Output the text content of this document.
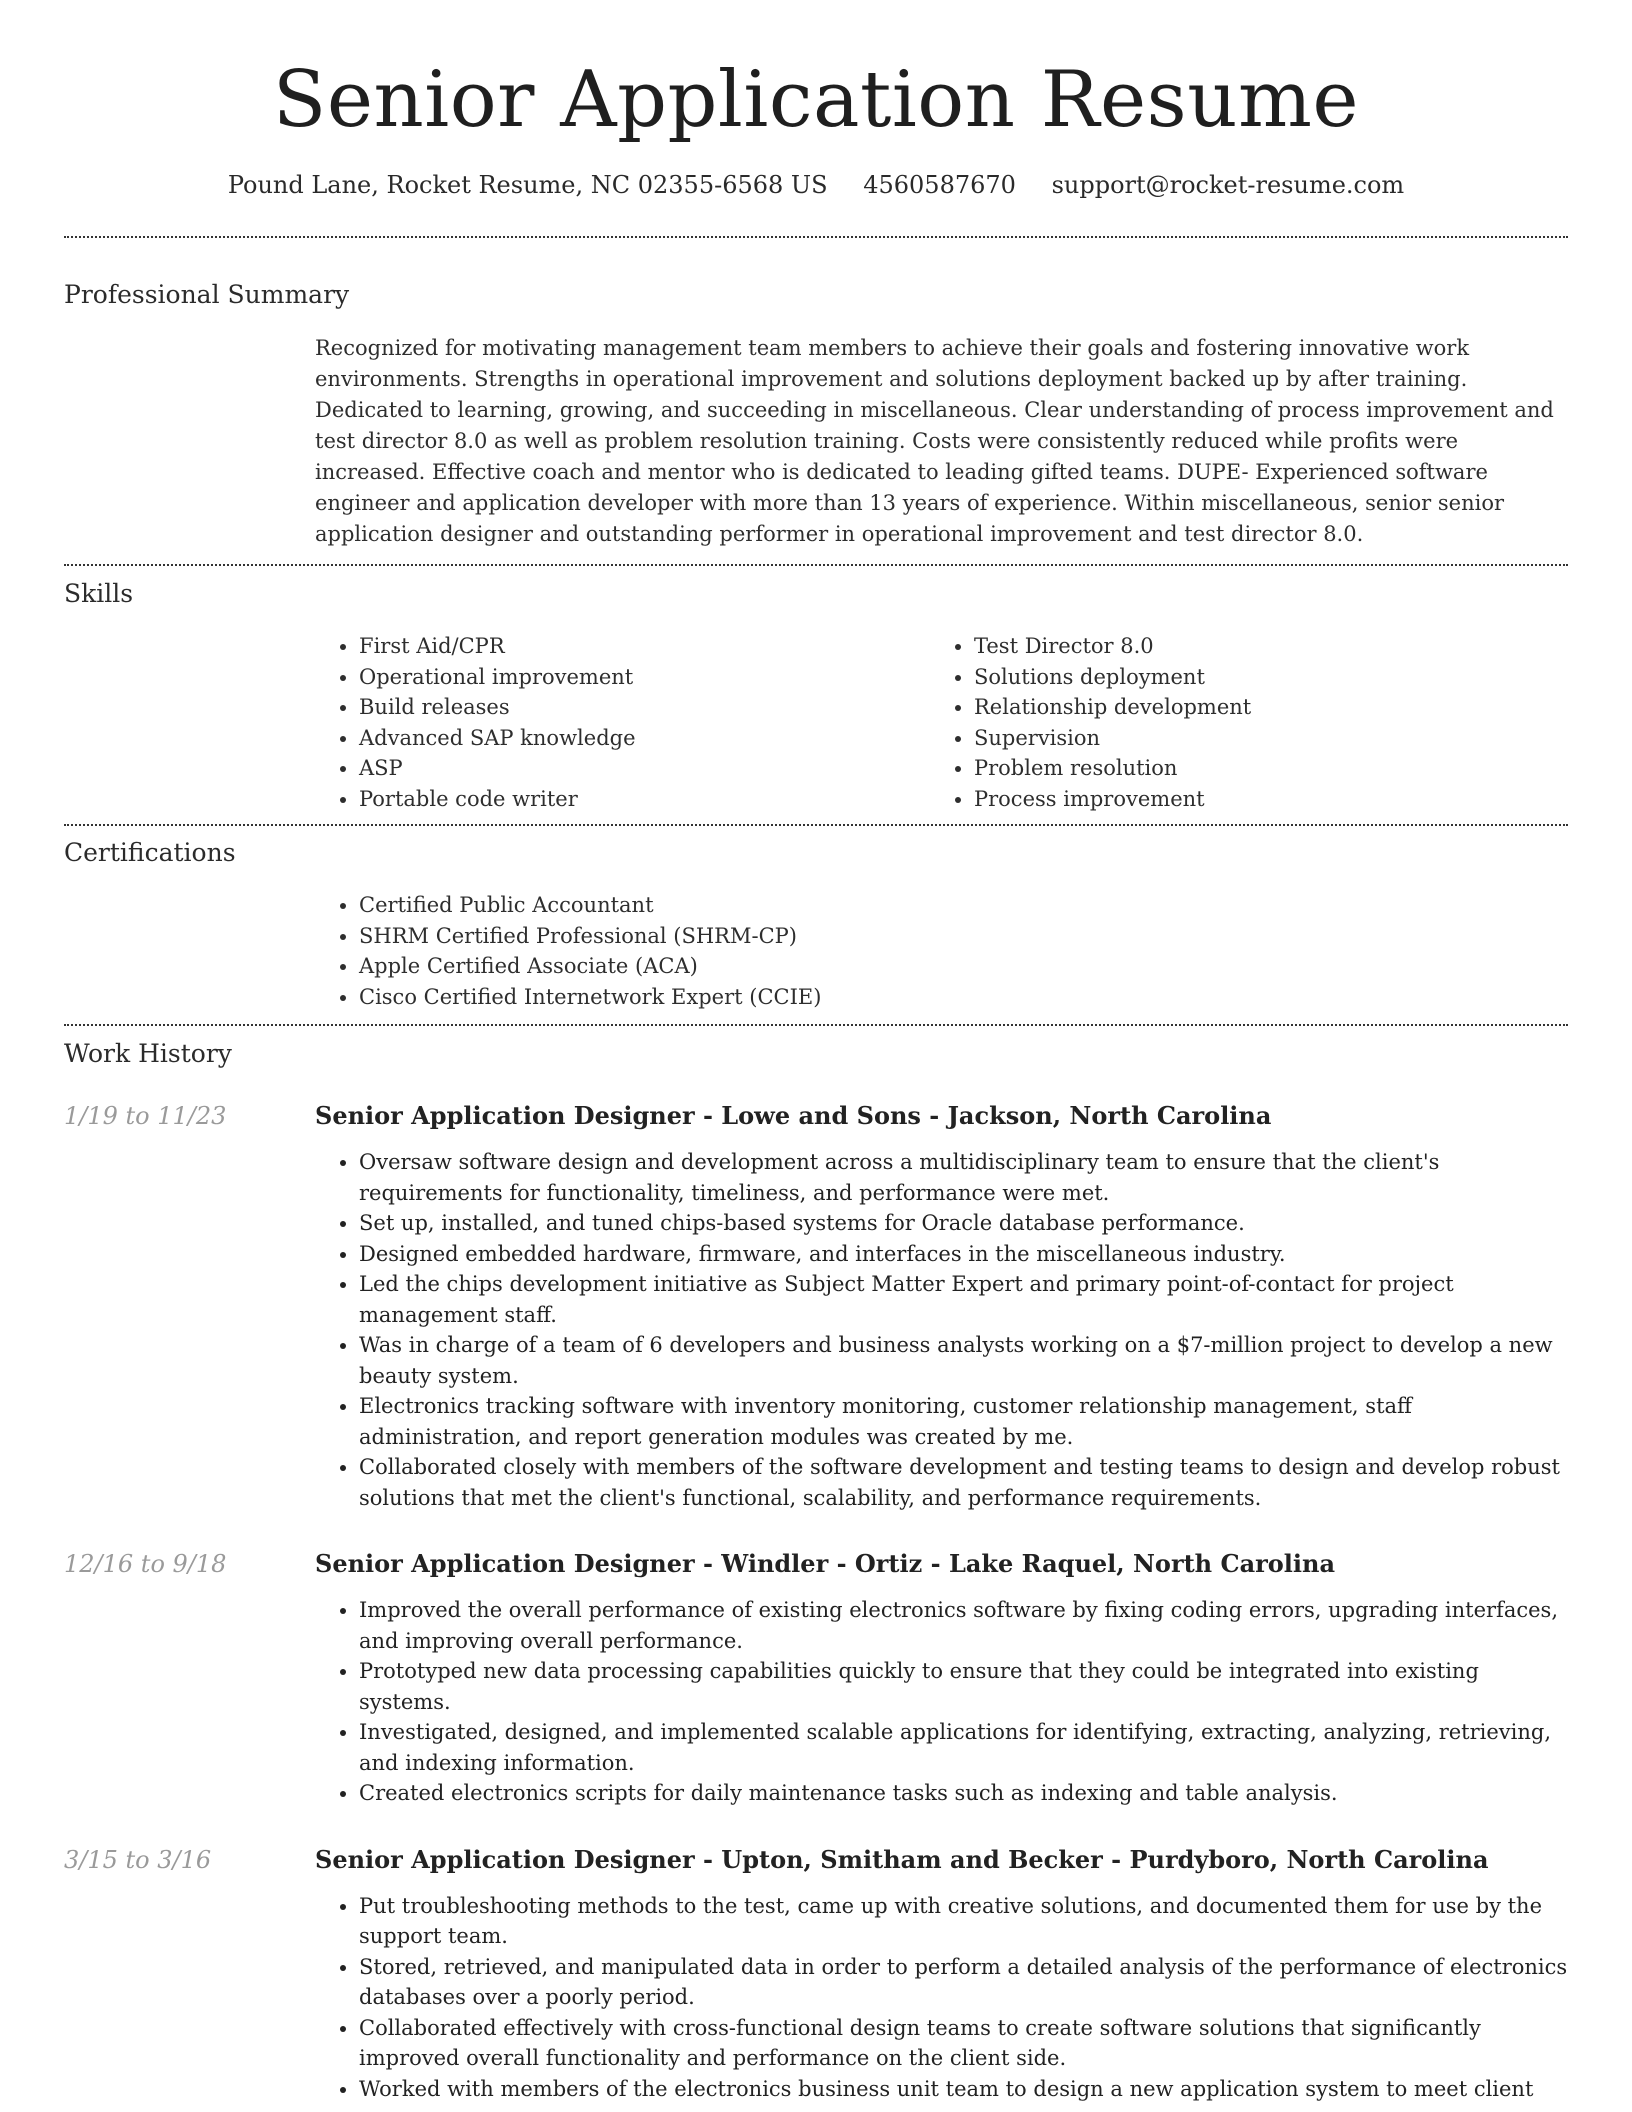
Senior Application Resume
Pound Lane, Rocket Resume, NC 02355-6568 US 4560587670 support@rocket-resume.com
Professional Summary
Recognized for motivating management team members to achieve their goals and fostering innovative work environments. Strengths in operational improvement and solutions deployment backed up by after training. Dedicated to learning, growing, and succeeding in miscellaneous. Clear understanding of process improvement and test director 8.0 as well as problem resolution training. Costs were consistently reduced while profits were increased. Effective coach and mentor who is dedicated to leading gifted teams. DUPE- Experienced software engineer and application developer with more than 13 years of experience. Within miscellaneous, senior senior application designer and outstanding performer in operational improvement and test director 8.0.
Skills
• First Aid/CPR
• Operational improvement
• Build releases
• Advanced SAP knowledge
• ASP
• Portable code writer
• Test Director 8.0
• Solutions deployment
• Relationship development
• Supervision
• Problem resolution
• Process improvement
Certifications
• Certified Public Accountant
• SHRM Certified Professional (SHRM-CP)
• Apple Certified Associate (ACA)
• Cisco Certified Internetwork Expert (CCIE)
Work History
1/19 to 11/23	Senior Application Designer - Lowe and Sons - Jackson, North Carolina
• Oversaw software design and development across a multidisciplinary team to ensure that the client's requirements for functionality, timeliness, and performance were met.
• Set up, installed, and tuned chips-based systems for Oracle database performance.
• Designed embedded hardware, firmware, and interfaces in the miscellaneous industry.
• Led the chips development initiative as Subject Matter Expert and primary point-of-contact for project management staff.
• Was in charge of a team of 6 developers and business analysts working on a $7-million project to develop a new beauty system.
• Electronics tracking software with inventory monitoring, customer relationship management, staff administration, and report generation modules was created by me.
• Collaborated closely with members of the software development and testing teams to design and develop robust solutions that met the client's functional, scalability, and performance requirements.
12/16 to 9/18	Senior Application Designer - Windler - Ortiz - Lake Raquel, North Carolina
• Improved the overall performance of existing electronics software by fixing coding errors, upgrading interfaces, and improving overall performance.
• Prototyped new data processing capabilities quickly to ensure that they could be integrated into existing systems.
• Investigated, designed, and implemented scalable applications for identifying, extracting, analyzing, retrieving, and indexing information.
• Created electronics scripts for daily maintenance tasks such as indexing and table analysis.
3/15 to 3/16	Senior Application Designer - Upton, Smitham and Becker - Purdyboro, North Carolina
• Put troubleshooting methods to the test, came up with creative solutions, and documented them for use by the support team.
• Stored, retrieved, and manipulated data in order to perform a detailed analysis of the performance of electronics databases over a poorly period.
• Collaborated effectively with cross-functional design teams to create software solutions that significantly improved overall functionality and performance on the client side.
• Worked with members of the electronics business unit team to design a new application system to meet client
